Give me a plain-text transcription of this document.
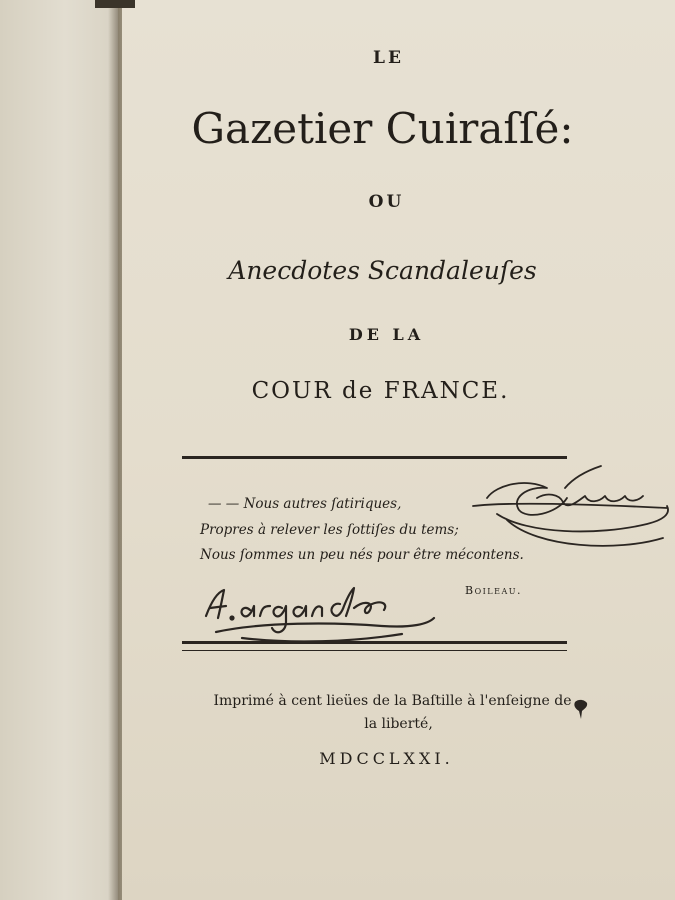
LE
Gazetier Cuiraſſé:
OU
Anecdotes Scandaleuſes
DE LA
COUR de FRANCE.
— — Nous autres ſatiriques,
Propres à relever les ſottiſes du tems;
Nous ſommes un peu nés pour être mécontens.
Boileau.
Imprimé à cent lieües de la Baſtille à l'enſeigne de
la liberté,
MDCCLXXI.
